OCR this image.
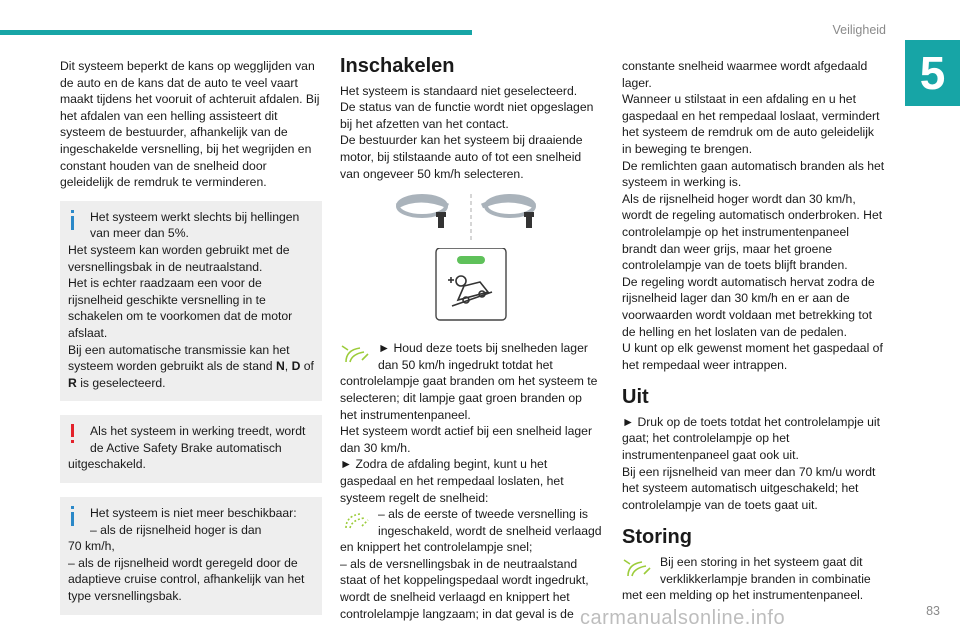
Veiligheid
5

Dit systeem beperkt de kans op wegglijden van de auto en de kans dat de auto te veel vaart maakt tijdens het vooruit of achteruit afdalen. Bij het afdalen van een helling assisteert dit systeem de bestuurder, afhankelijk van de ingeschakelde versnelling, bij het wegrijden en constant houden van de snelheid door geleidelijk de remdruk te verminderen.

Het systeem werkt slechts bij hellingen van meer dan 5%.

Het systeem kan worden gebruikt met de versnellingsbak in de neutraalstand.

Het is echter raadzaam een voor de rijsnelheid geschikte versnelling in te schakelen om te voorkomen dat de motor afslaat.

Bij een automatische transmissie kan het systeem worden gebruikt als de stand N, D of R is geselecteerd.

Als het systeem in werking treedt, wordt de Active Safety Brake automatisch

uitgeschakeld.

Het systeem is niet meer beschikbaar:

– als de rijsnelheid hoger is dan

70 km/h,

– als de rijsnelheid wordt geregeld door de adaptieve cruise control, afhankelijk van het type versnellingsbak.

Inschakelen

Het systeem is standaard niet geselecteerd.

De status van de functie wordt niet opgeslagen bij het afzetten van het contact.

De bestuurder kan het systeem bij draaiende motor, bij stilstaande auto of tot een snelheid van ongeveer 50 km/h selecteren.

► Houd deze toets bij snelheden lager dan 50 km/h ingedrukt totdat het

controlelampje gaat branden om het systeem te selecteren; dit lampje gaat groen branden op het instrumentenpaneel.

Het systeem wordt actief bij een snelheid lager dan 30 km/h.

► Zodra de afdaling begint, kunt u het gaspedaal en het rempedaal loslaten, het systeem regelt de snelheid:

– als de eerste of tweede versnelling is ingeschakeld, wordt de snelheid verlaagd

en knippert het controlelampje snel;

– als de versnellingsbak in de neutraalstand staat of het koppelingspedaal wordt ingedrukt, wordt de snelheid verlaagd en knippert het controlelampje langzaam; in dat geval is de

constante snelheid waarmee wordt afgedaald lager.

Wanneer u stilstaat in een afdaling en u het gaspedaal en het rempedaal loslaat, vermindert het systeem de remdruk om de auto geleidelijk in beweging te brengen.

De remlichten gaan automatisch branden als het systeem in werking is.

Als de rijsnelheid hoger wordt dan 30 km/h, wordt de regeling automatisch onderbroken. Het controlelampje op het instrumentenpaneel brandt dan weer grijs, maar het groene controlelampje van de toets blijft branden.

De regeling wordt automatisch hervat zodra de rijsnelheid lager dan 30 km/h en er aan de voorwaarden wordt voldaan met betrekking tot de helling en het loslaten van de pedalen.

U kunt op elk gewenst moment het gaspedaal of het rempedaal weer intrappen.

Uit

► Druk op de toets totdat het controlelampje uit gaat; het controlelampje op het instrumentenpaneel gaat ook uit.

Bij een rijsnelheid van meer dan 70 km/u wordt het systeem automatisch uitgeschakeld; het controlelampje van de toets gaat uit.

Storing

Bij een storing in het systeem gaat dit verklikkerlampje branden in combinatie

met een melding op het instrumentenpaneel.

carmanualsonline.info	83
